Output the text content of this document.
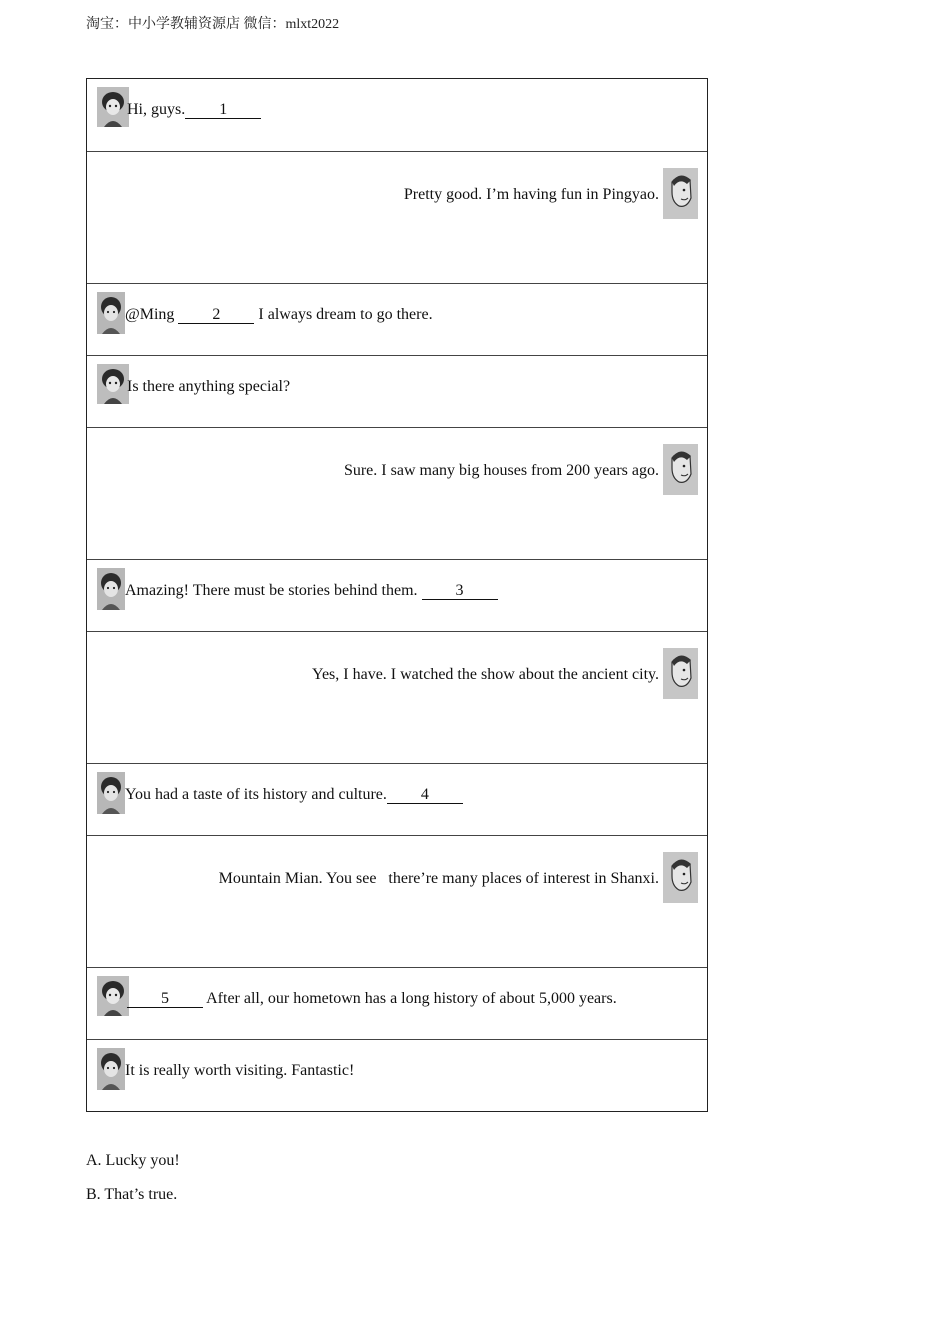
淘宝：中小学教辅资源店 微信：mlxt2022
Hi, guys. 1
Pretty good. I’m having fun in Pingyao.
@Ming 2 I always dream to go there.
Is there anything special?
Sure. I saw many big houses from 200 years ago.
Amazing! There must be stories behind them. 3
Yes, I have. I watched the show about the ancient city.
You had a taste of its history and culture. 4
Mountain Mian. You see   there’re many places of interest in Shanxi.
5 After all, our hometown has a long history of about 5,000 years.
It is really worth visiting. Fantastic!
A. Lucky you!
B. That’s true.
